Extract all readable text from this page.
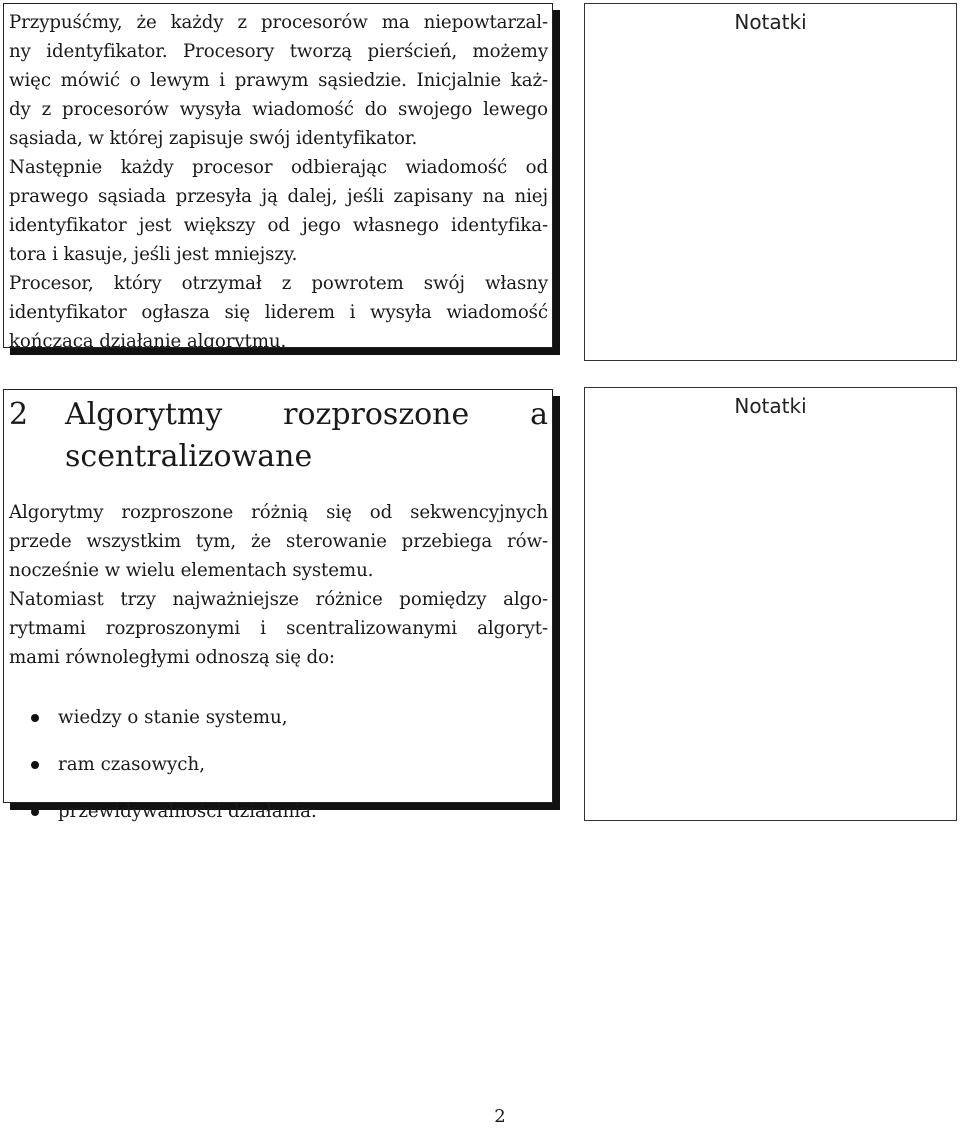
Przypuśćmy, że każdy z procesorów ma niepowtarzal-
ny identyfikator. Procesory tworzą pierścień, możemy
więc mówić o lewym i prawym sąsiedzie. Inicjalnie każ-
dy z procesorów wysyła wiadomość do swojego lewego
sąsiada, w której zapisuje swój identyfikator.

Następnie każdy procesor odbierając wiadomość od
prawego sąsiada przesyła ją dalej, jeśli zapisany na niej
identyfikator jest większy od jego własnego identyfika-
tora i kasuje, jeśli jest mniejszy.

Procesor, który otrzymał z powrotem swój własny
identyfikator ogłasza się liderem i wysyła wiadomość
kończącą działanie algorytmu.

Notatki
2	Algorytmy rozproszone a
scentralizowane

Algorytmy rozproszone różnią się od sekwencyjnych
przede wszystkim tym, że sterowanie przebiega rów-
nocześnie w wielu elementach systemu.

Natomiast trzy najważniejsze różnice pomiędzy algo-
rytmami rozproszonymi i scentralizowanymi algoryt-
mami równoległymi odnoszą się do:

wiedzy o stanie systemu,
ram czasowych,
przewidywalności działania.
Notatki
2
